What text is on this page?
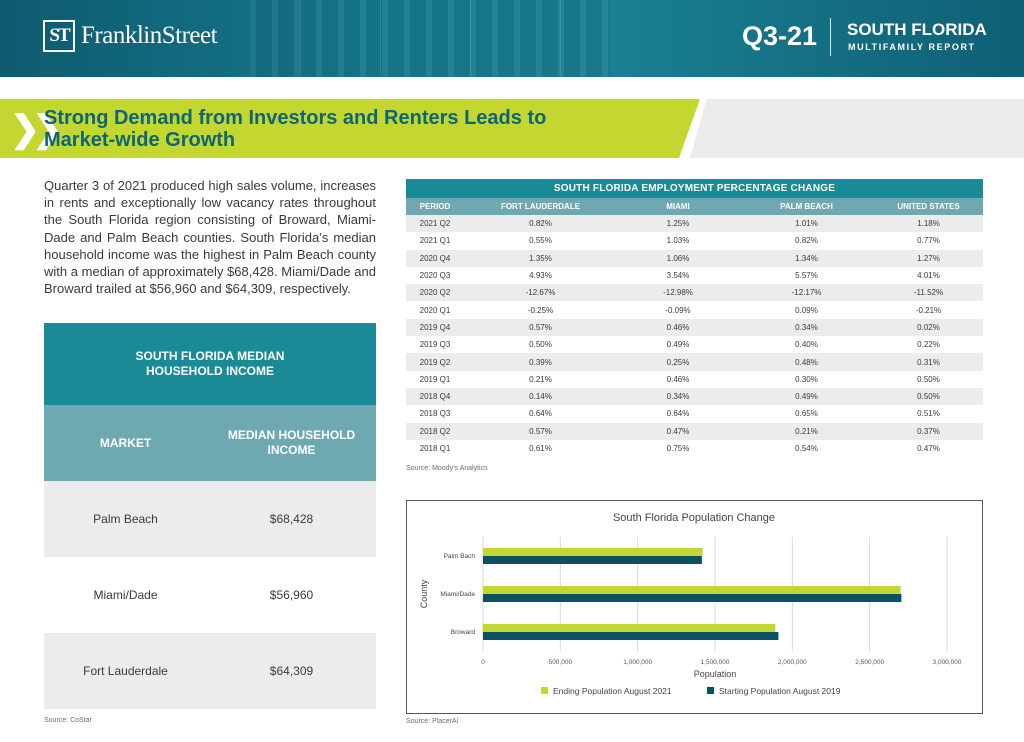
ST FranklinStreet	Q3-21 SOUTH FLORIDA
MULTIFAMILY REPORT
❯❯
Strong Demand from Investors and Renters Leads to Market-wide Growth

Quarter 3 of 2021 produced high sales volume, increases in rents and exceptionally low vacancy rates throughout the South Florida region consisting of Broward, Miami-Dade and Palm Beach counties. South Florida’s median household income was the highest in Palm Beach county with a median of approximately $68,428. Miami/Dade and Broward trailed at $56,960 and $64,309, respectively.

SOUTH FLORIDA MEDIAN HOUSEHOLD INCOME
MARKET
MEDIAN HOUSEHOLD INCOME
Palm Beach	$68,428
Miami/Dade	$56,960
Fort Lauderdale	$64,309
Source: CoStar
SOUTH FLORIDA EMPLOYMENT PERCENTAGE CHANGE
PERIOD	FORT LAUDERDALE	MIAMI	PALM BEACH	UNITED STATES
2021 Q2	0.82%	1.25%	1.01%	1.18%
2021 Q1	0.55%	1.03%	0.82%	0.77%
2020 Q4	1.35%	1.06%	1.34%	1.27%
2020 Q3	4.93%	3.54%	5.57%	4.01%
2020 Q2	-12.67%	-12.98%	-12.17%	-11.52%
2020 Q1	-0.25%	-0.09%	0.09%	-0.21%
2019 Q4	0.57%	0.46%	0.34%	0.02%
2019 Q3	0.50%	0.49%	0.40%	0.22%
2019 Q2	0.39%	0.25%	0.48%	0.31%
2019 Q1	0.21%	0.46%	0.30%	0.50%
2018 Q4	0.14%	0.34%	0.49%	0.50%
2018 Q3	0.64%	0.64%	0.65%	0.51%
2018 Q2	0.57%	0.47%	0.21%	0.37%
2018 Q1	0.61%	0.75%	0.54%	0.47%
Source: Moody’s Analytics
South Florida Population Change
0	500,000	1,000,000	1,500,000	2,000,000	2,500,000	3,000,000
Palm Bach
Miami/Dade
Broward
Population
County
Ending Population August 2021	Starting Population August 2019
Source: PlacerAi
